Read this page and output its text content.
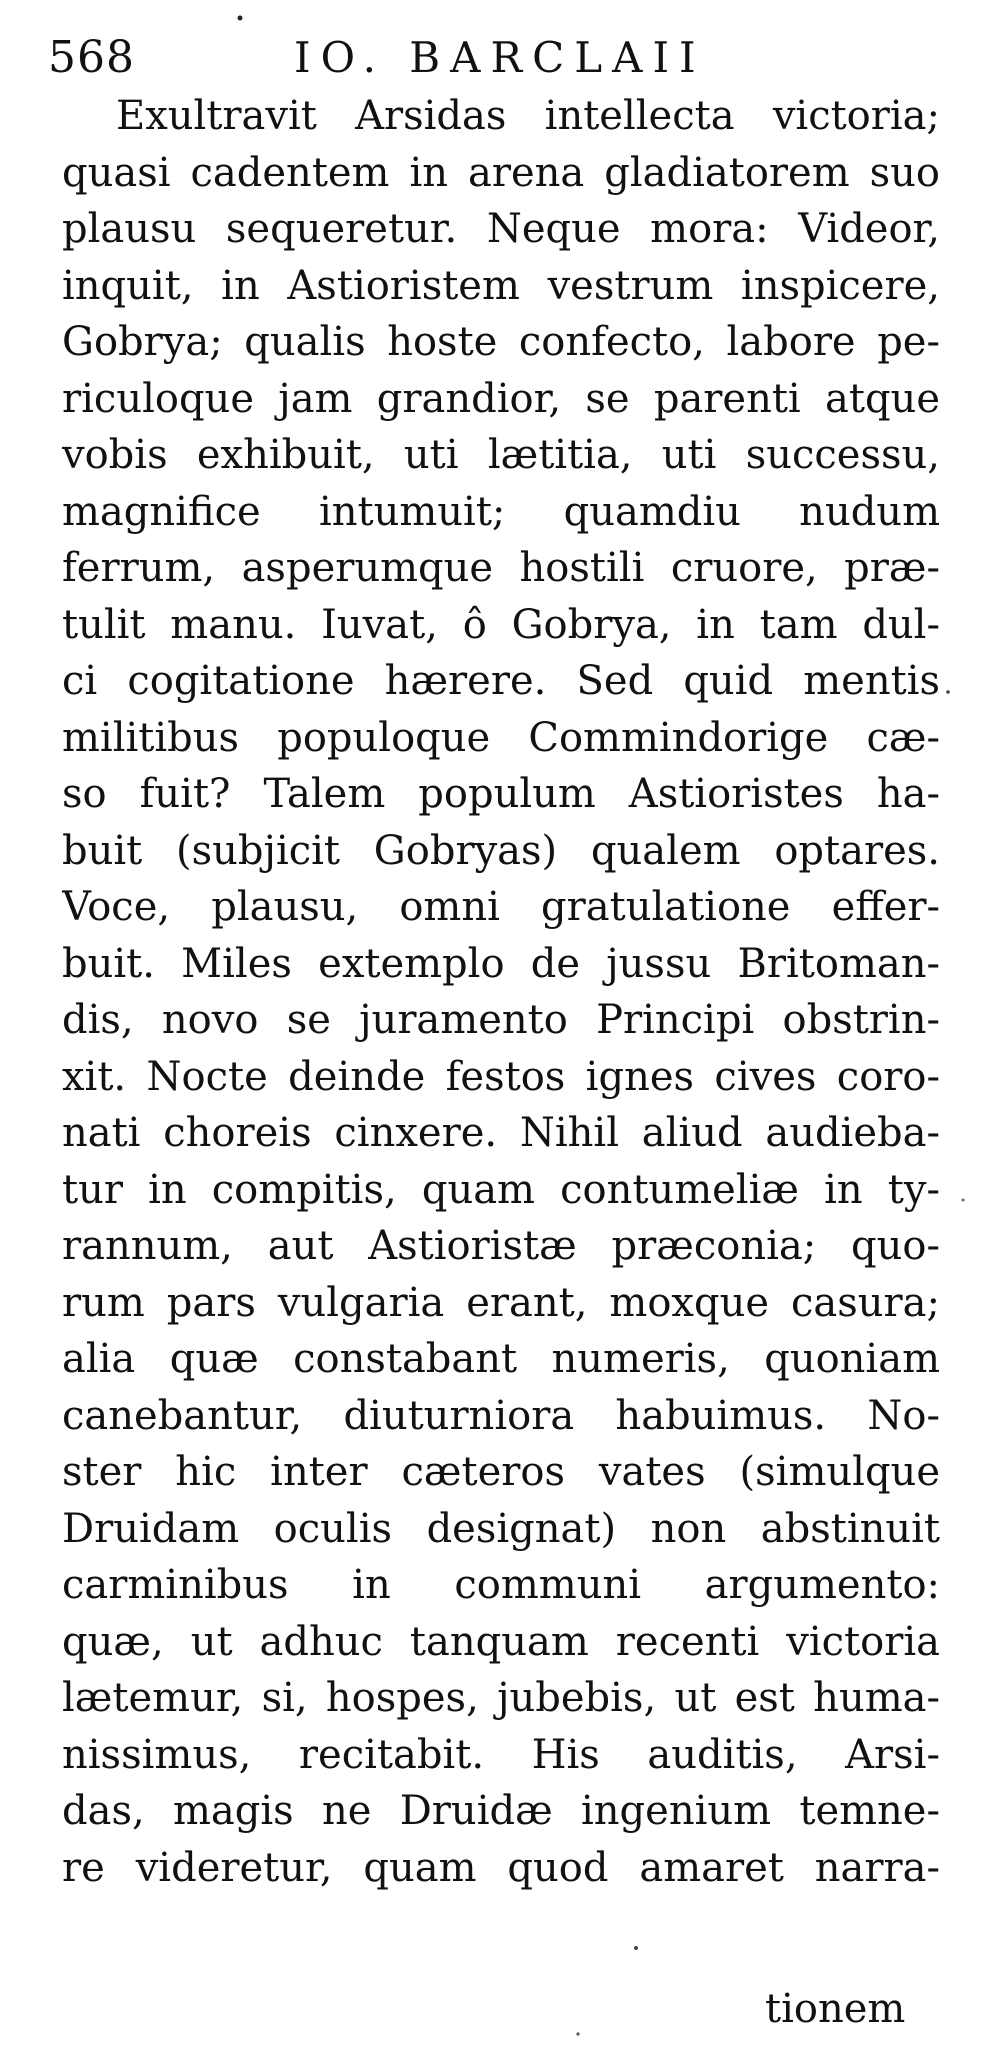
568	IO. BARCLAII
Exultravit Arsidas intellecta victoria;
quasi cadentem in arena gladiatorem suo
plausu sequeretur. Neque mora: Videor,
inquit, in Astioristem vestrum inspicere,
Gobrya; qualis hoste confecto, labore pe-
riculoque jam grandior, se parenti atque
vobis exhibuit, uti lætitia, uti successu,
magnifice intumuit; quamdiu nudum
ferrum, asperumque hostili cruore, præ-
tulit manu. Iuvat, ô Gobrya, in tam dul-
ci cogitatione hærere. Sed quid mentis
militibus populoque Commindorige cæ-
so fuit? Talem populum Astioristes ha-
buit (subjicit Gobryas) qualem optares.
Voce, plausu, omni gratulatione effer-
buit. Miles extemplo de jussu Britoman-
dis, novo se juramento Principi obstrin-
xit. Nocte deinde festos ignes cives coro-
nati choreis cinxere. Nihil aliud audieba-
tur in compitis, quam contumeliæ in ty-
rannum, aut Astioristæ præconia; quo-
rum pars vulgaria erant, moxque casura;
alia quæ constabant numeris, quoniam
canebantur, diuturniora habuimus. No-
ster hic inter cæteros vates (simulque
Druidam oculis designat) non abstinuit
carminibus in communi argumento:
quæ, ut adhuc tanquam recenti victoria
lætemur, si, hospes, jubebis, ut est huma-
nissimus, recitabit. His auditis, Arsi-
das, magis ne Druidæ ingenium temne-
re videretur, quam quod amaret narra-
tionem
